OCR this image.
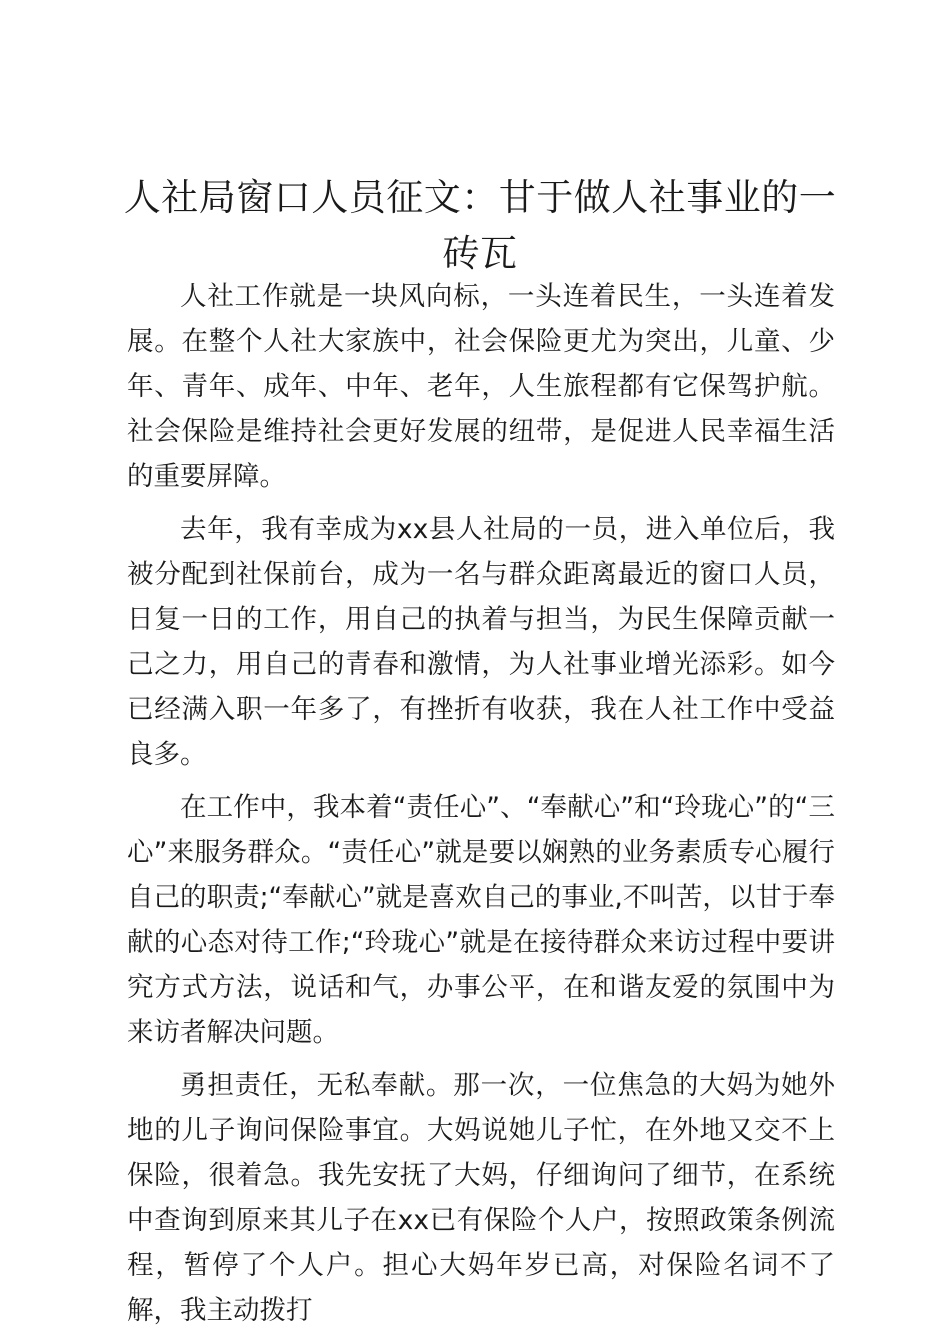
人社局窗口人员征文：甘于做人社事业的一砖瓦

人社工作就是一块风向标，一头连着民生，一头连着发展。在整个人社大家族中，社会保险更尤为突出，儿童、少年、青年、成年、中年、老年，人生旅程都有它保驾护航。社会保险是维持社会更好发展的纽带，是促进人民幸福生活的重要屏障。

去年，我有幸成为xx县人社局的一员，进入单位后，我被分配到社保前台，成为一名与群众距离最近的窗口人员，日复一日的工作，用自己的执着与担当，为民生保障贡献一己之力，用自己的青春和激情，为人社事业增光添彩。如今已经满入职一年多了，有挫折有收获，我在人社工作中受益良多。

在工作中，我本着“责任心”、“奉献心”和“玲珑心”的“三心”来服务群众。“责任心”就是要以娴熟的业务素质专心履行自己的职责;“奉献心”就是喜欢自己的事业,不叫苦，以甘于奉献的心态对待工作;“玲珑心”就是在接待群众来访过程中要讲究方式方法，说话和气，办事公平，在和谐友爱的氛围中为来访者解决问题。

勇担责任，无私奉献。那一次，一位焦急的大妈为她外地的儿子询问保险事宜。大妈说她儿子忙，在外地又交不上保险，很着急。我先安抚了大妈，仔细询问了细节，在系统中查询到原来其儿子在xx已有保险个人户，按照政策条例流程，暂停了个人户。担心大妈年岁已高，对保险名词不了解，我主动拨打
